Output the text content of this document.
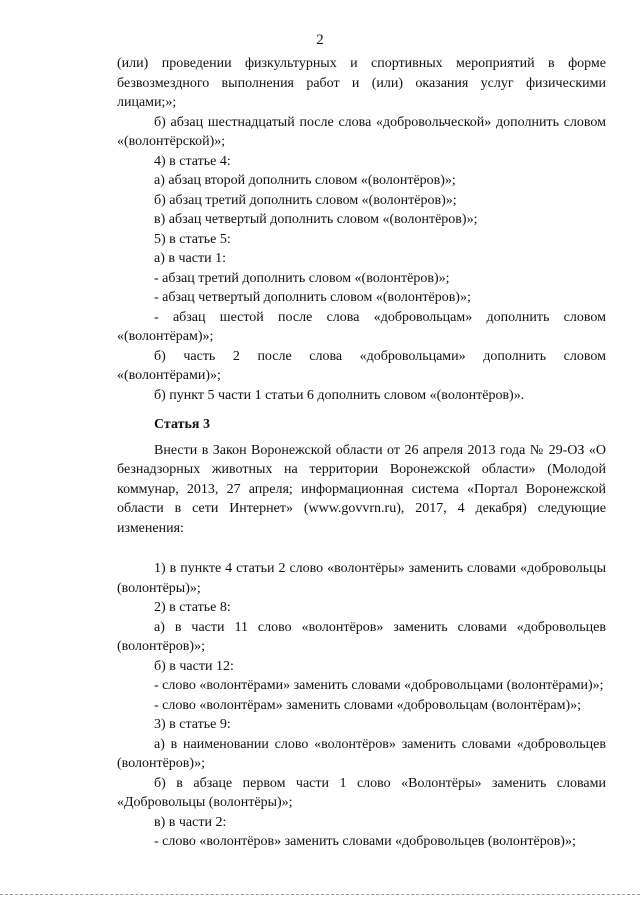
2

(или) проведении физкультурных и спортивных мероприятий в форме безвозмездного выполнения работ и (или) оказания услуг физическими лицами;»;

б) абзац шестнадцатый после слова «добровольческой» дополнить словом «(волонтёрской)»;

4) в статье 4:

а) абзац второй дополнить словом «(волонтёров)»;

б) абзац третий дополнить словом «(волонтёров)»;

в) абзац четвертый дополнить словом «(волонтёров)»;

5) в статье 5:

а) в части 1:

- абзац третий дополнить словом «(волонтёров)»;

- абзац четвертый дополнить словом «(волонтёров)»;

- абзац шестой после слова «добровольцам» дополнить словом «(волонтёрам)»;

б) часть 2 после слова «добровольцами» дополнить словом «(волонтёрами)»;

б) пункт 5 части 1 статьи 6 дополнить словом «(волонтёров)».

Статья 3

Внести в Закон Воронежской области от 26 апреля 2013 года № 29-ОЗ «О безнадзорных животных на территории Воронежской области» (Молодой коммунар, 2013, 27 апреля; информационная система «Портал Воронежской области в сети Интернет» (www.govvrn.ru), 2017, 4 декабря) следующие изменения:

1) в пункте 4 статьи 2 слово «волонтёры» заменить словами «добровольцы (волонтёры)»;

2) в статье 8:

а) в части 11 слово «волонтёров» заменить словами «добровольцев (волонтёров)»;

б) в части 12:

- слово «волонтёрами» заменить словами «добровольцами (волонтёрами)»;

- слово «волонтёрам» заменить словами «добровольцам (волонтёрам)»;

3) в статье 9:

а) в наименовании слово «волонтёров» заменить словами «добровольцев (волонтёров)»;

б) в абзаце первом части 1 слово «Волонтёры» заменить словами «Добровольцы (волонтёры)»;

в) в части 2:

- слово «волонтёров» заменить словами «добровольцев (волонтёров)»;
